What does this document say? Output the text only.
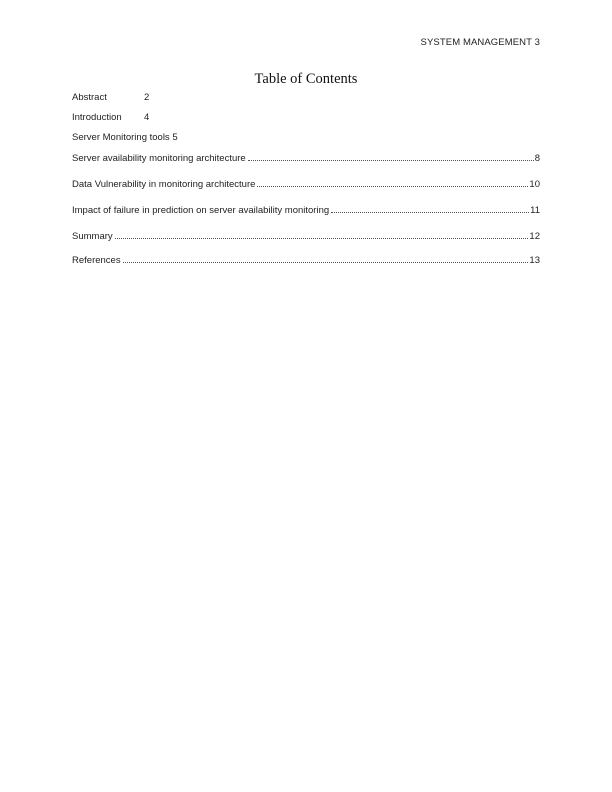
SYSTEM MANAGEMENT 3
Table of Contents
Abstract	2
Introduction 4
Server Monitoring tools 5
Server availability monitoring architecture	8
Data Vulnerability in monitoring architecture	10
Impact of failure in prediction on server availability monitoring	11
Summary	12
References	13
